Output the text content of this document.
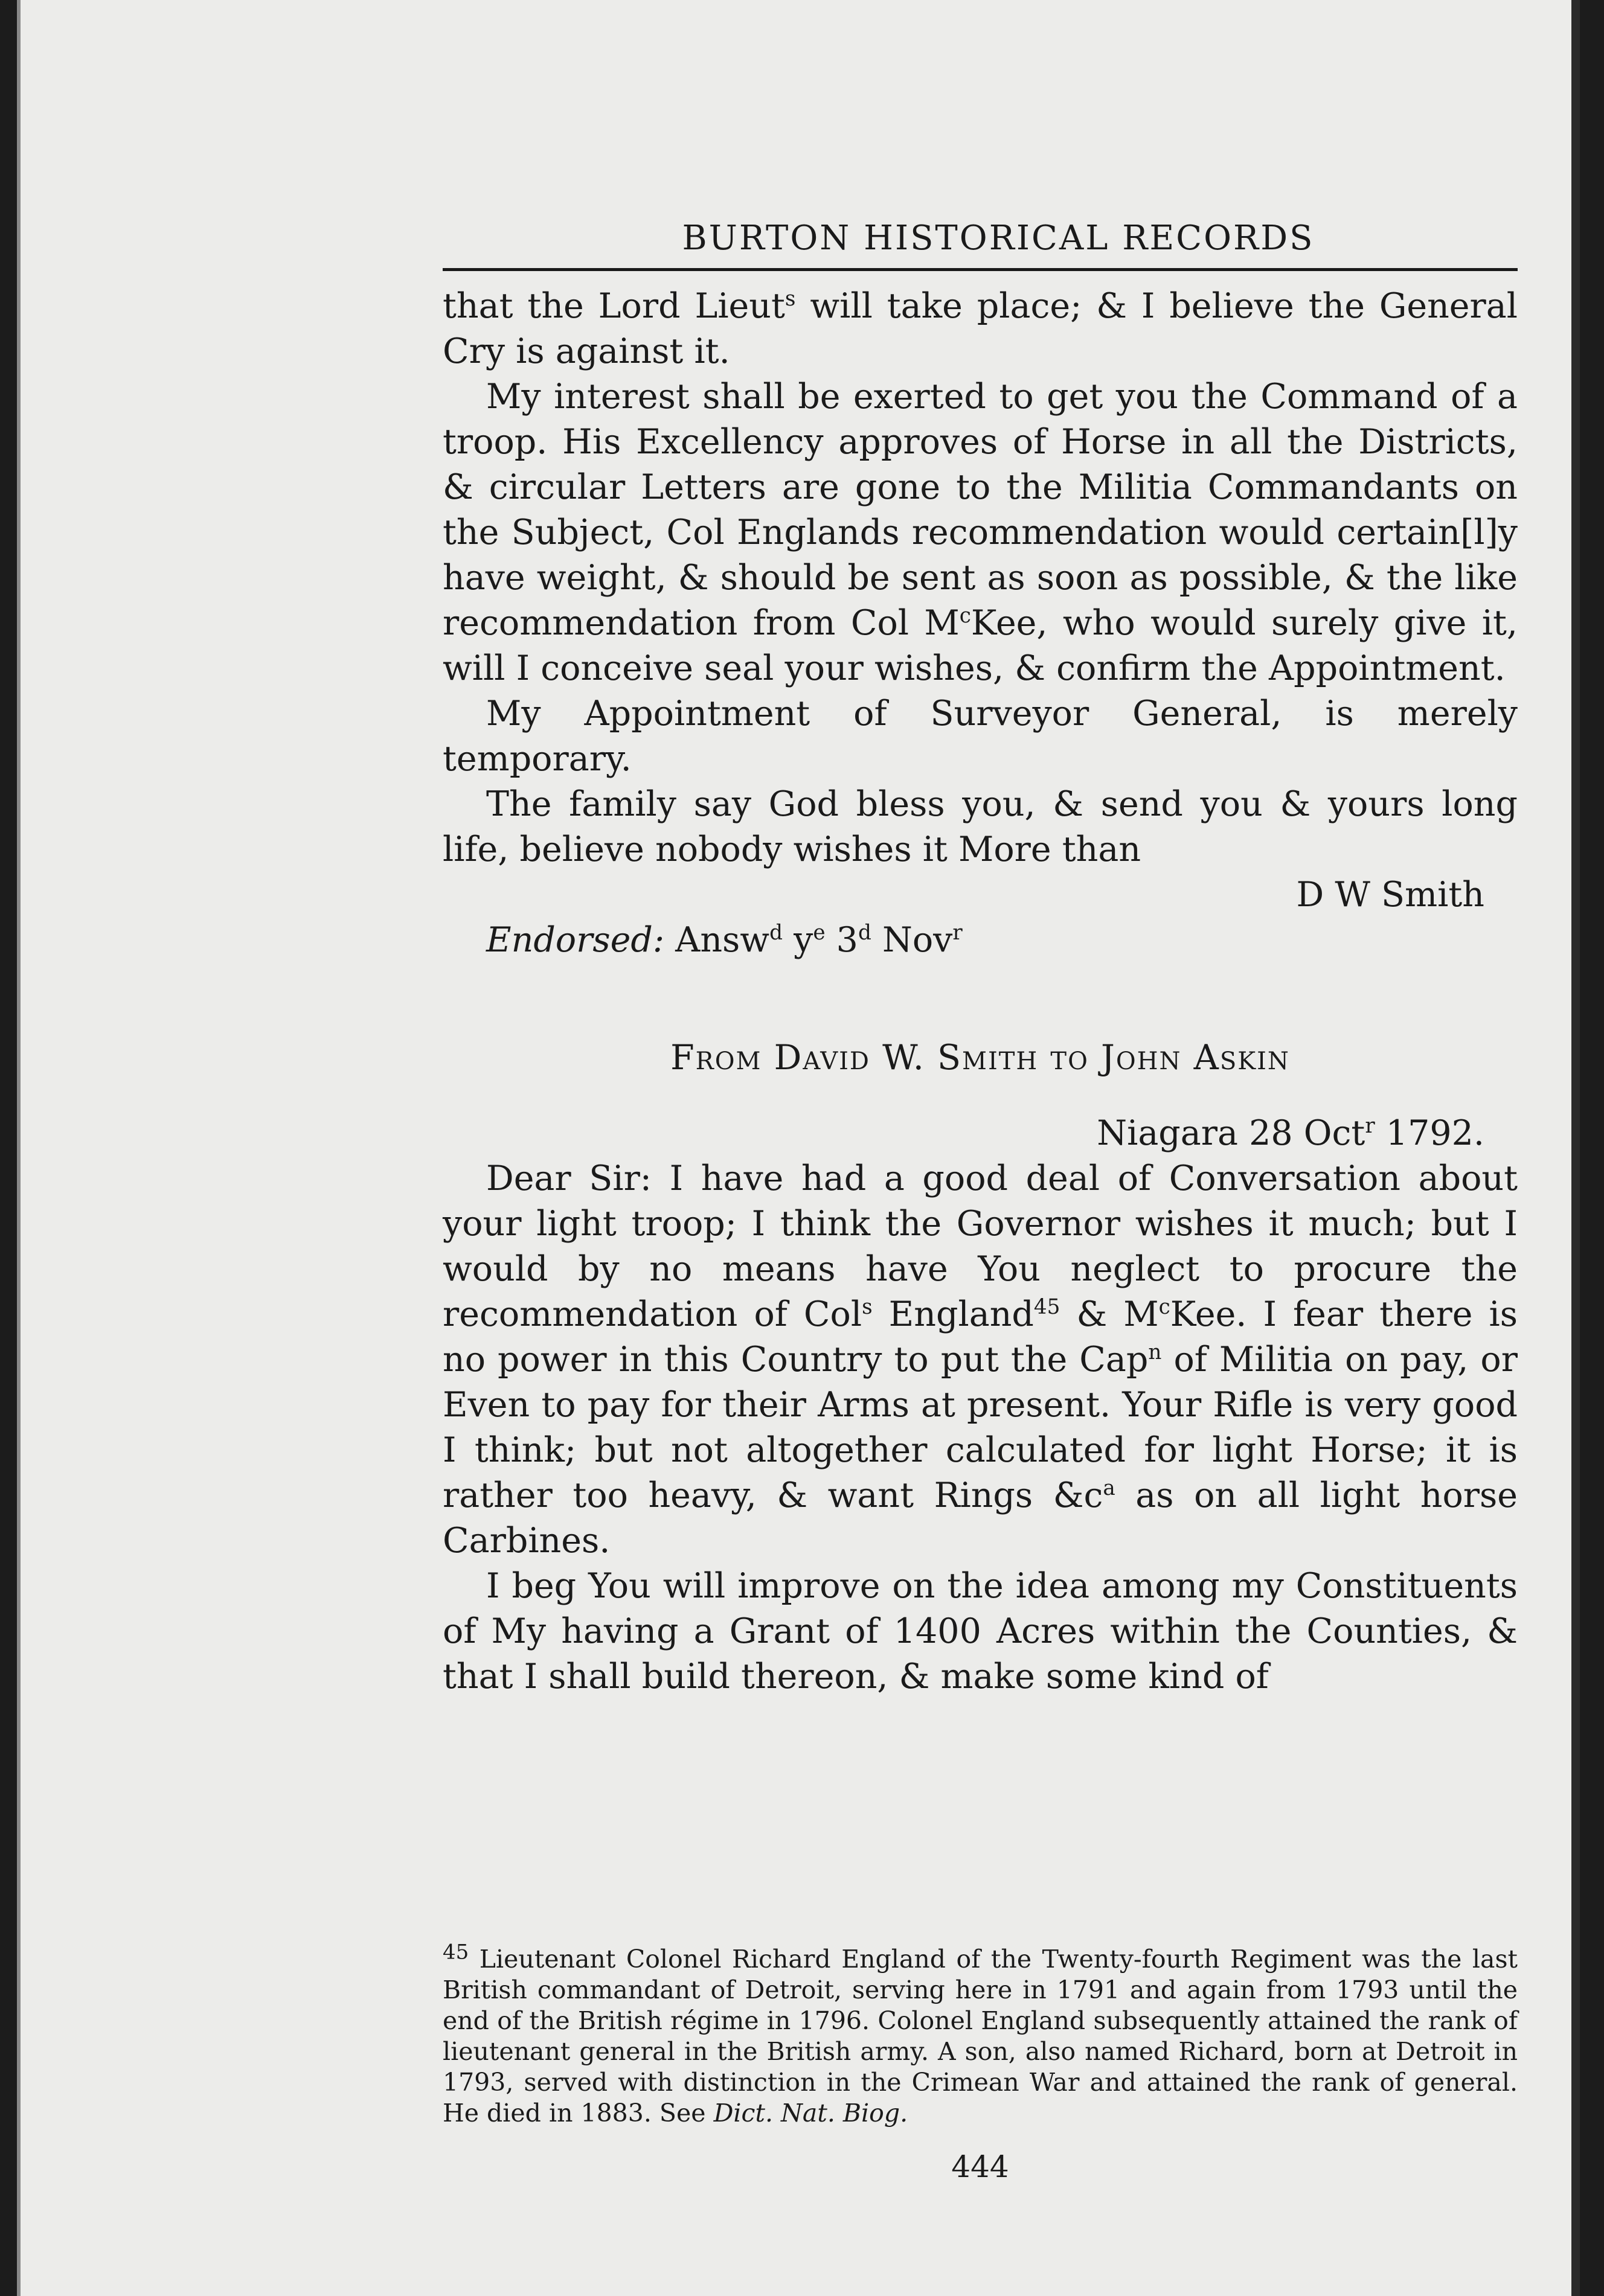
BURTON HISTORICAL RECORDS

that the Lord Lieut$^s$ will take place; & I believe the General Cry is against it.

My interest shall be exerted to get you the Command of a troop. His Excellency approves of Horse in all the Districts, & circular Letters are gone to the Militia Commandants on the Subject, Col Englands recommendation would certain[l]y have weight, & should be sent as soon as possible, & the like recommendation from Col $M^cKee$, who would surely give it, will I conceive seal your wishes, & confirm the Appointment.

My Appointment of Surveyor General, is merely temporary.

The family say God bless you, & send you & yours long life, believe nobody wishes it More than

D W Smith

Endorsed: Answ$^d$ $y^e$ 3$^d$ Nov$^r$

From David W. Smith to John Askin

Niagara 28 Oct$^r$ 1792.

Dear Sir: I have had a good deal of Conversation about your light troop; I think the Governor wishes it much; but I would by no means have You neglect to procure the recommendation of Col$^s$ England$^{45}$ & $M^cKee$. I fear there is no power in this Country to put the Cap$^n$ of Militia on pay, or Even to pay for their Arms at present. Your Rifle is very good I think; but not altogether calculated for light Horse; it is rather too heavy, & want Rings $\&c^a$ as on all light horse Carbines.

I beg You will improve on the idea among my Constituents of My having a Grant of 1400 Acres within the Counties, & that I shall build thereon, & make some kind of

$^{45}$ Lieutenant Colonel Richard England of the Twenty-fourth Regiment was the last British commandant of Detroit, serving here in 1791 and again from 1793 until the end of the British régime in 1796. Colonel England subsequently attained the rank of lieutenant general in the British army. A son, also named Richard, born at Detroit in 1793, served with distinction in the Crimean War and attained the rank of general. He died in 1883. See Dict. Nat. Biog.
444
